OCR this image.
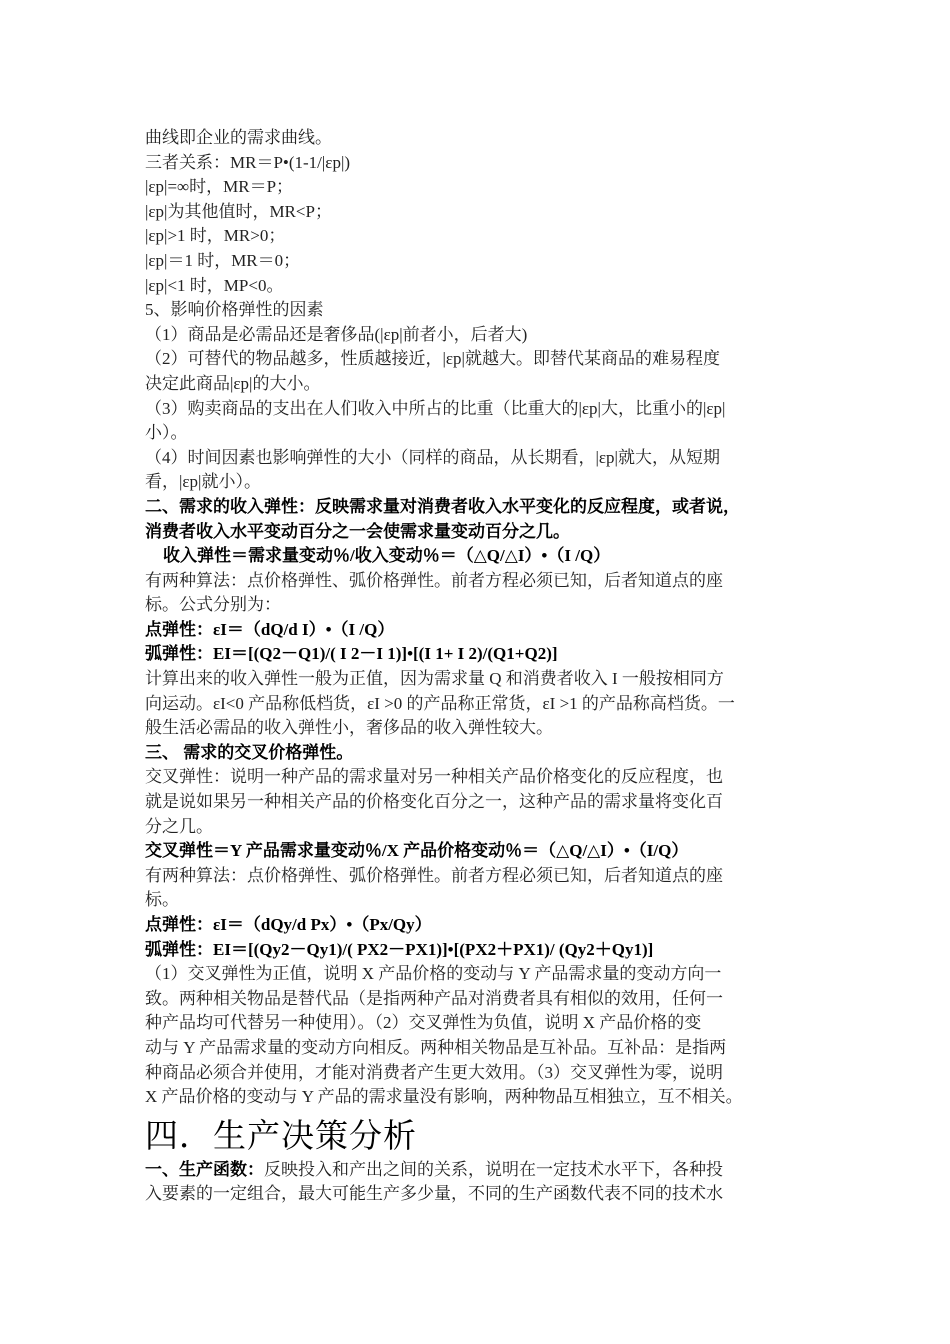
曲线即企业的需求曲线。
三者关系：MR＝P•(1-1/|εp|)
|εp|=∞时，MR＝P；
|εp|为其他值时，MR<P；
|εp|>1 时，MR>0；
|εp|＝1 时，MR＝0；
|εp|<1 时，MP<0。
5、影响价格弹性的因素
（1）商品是必需品还是奢侈品(|εp|前者小，后者大)
（2）可替代的物品越多，性质越接近，|εp|就越大。即替代某商品的难易程度
决定此商品|εp|的大小。
（3）购卖商品的支出在人们收入中所占的比重（比重大的|εp|大，比重小的|εp|
小）。
（4）时间因素也影响弹性的大小（同样的商品，从长期看，|εp|就大，从短期
看，|εp|就小）。
二、需求的收入弹性：反映需求量对消费者收入水平变化的反应程度，或者说，
消费者收入水平变动百分之一会使需求量变动百分之几。
收入弹性＝需求量变动％/收入变动％＝（△Q/△I）•（I /Q）
有两种算法：点价格弹性、弧价格弹性。前者方程必须已知，后者知道点的座
标。公式分别为：
点弹性：εI＝（dQ/d I）•（I /Q）
弧弹性：EI＝[(Q2－Q1)/( I 2－I 1)]•[(I 1+ I 2)/(Q1+Q2)]
计算出来的收入弹性一般为正值，因为需求量 Q 和消费者收入 I 一般按相同方
向运动。εI<0 产品称低档货，εI >0 的产品称正常货，εI >1 的产品称高档货。一
般生活必需品的收入弹性小，奢侈品的收入弹性较大。
三、 需求的交叉价格弹性。
交叉弹性：说明一种产品的需求量对另一种相关产品价格变化的反应程度，也
就是说如果另一种相关产品的价格变化百分之一，这种产品的需求量将变化百
分之几。
交叉弹性＝Y 产品需求量变动％/X 产品价格变动％＝（△Q/△I）•（I/Q）
有两种算法：点价格弹性、弧价格弹性。前者方程必须已知，后者知道点的座
标。
点弹性：εI＝（dQy/d Px）•（Px/Qy）
弧弹性：EI＝[(Qy2－Qy1)/( PX2－PX1)]•[(PX2＋PX1)/ (Qy2＋Qy1)]
（1）交叉弹性为正值，说明 X 产品价格的变动与 Y 产品需求量的变动方向一
致。两种相关物品是替代品（是指两种产品对消费者具有相似的效用，任何一
种产品均可代替另一种使用）。（2）交叉弹性为负值，说明 X 产品价格的变
动与 Y 产品需求量的变动方向相反。两种相关物品是互补品。互补品：是指两
种商品必须合并使用，才能对消费者产生更大效用。（3）交叉弹性为零，说明
X 产品价格的变动与 Y 产品的需求量没有影响，两种物品互相独立，互不相关。
四．生产决策分析
一、生产函数：反映投入和产出之间的关系，说明在一定技术水平下，各种投
入要素的一定组合，最大可能生产多少量，不同的生产函数代表不同的技术水
